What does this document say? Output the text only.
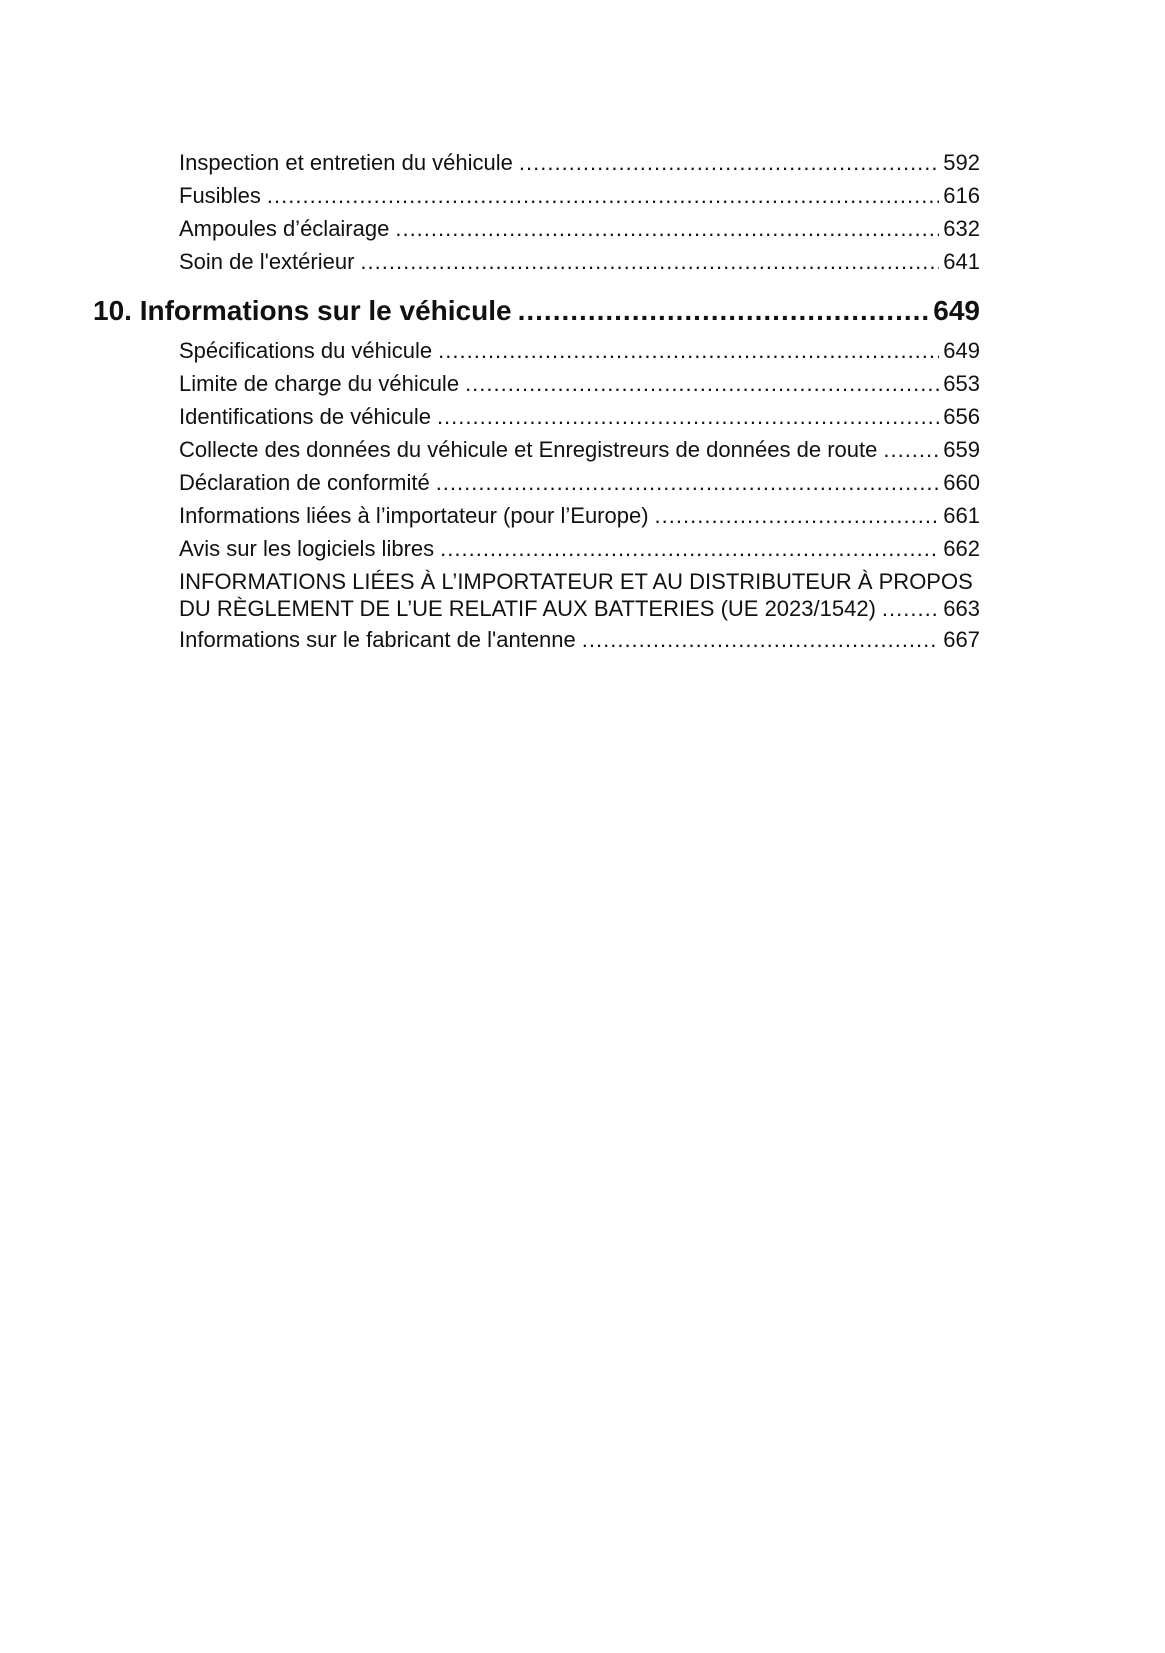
Inspection et entretien du véhicule .....	592
Fusibles .....	616
Ampoules d’éclairage .....	632
Soin de l'extérieur .....	641
10. Informations sur le véhicule .....	649
Spécifications du véhicule .....	649
Limite de charge du véhicule .....	653
Identifications de véhicule .....	656
Collecte des données du véhicule et Enregistreurs de données de route .....	659
Déclaration de conformité .....	660
Informations liées à l’importateur (pour l’Europe) .....	661
Avis sur les logiciels libres .....	662
INFORMATIONS LIÉES À L’IMPORTATEUR ET AU DISTRIBUTEUR À PROPOS
DU RÈGLEMENT DE L’UE RELATIF AUX BATTERIES (UE 2023/1542) .....	663
Informations sur le fabricant de l'antenne .....	667
